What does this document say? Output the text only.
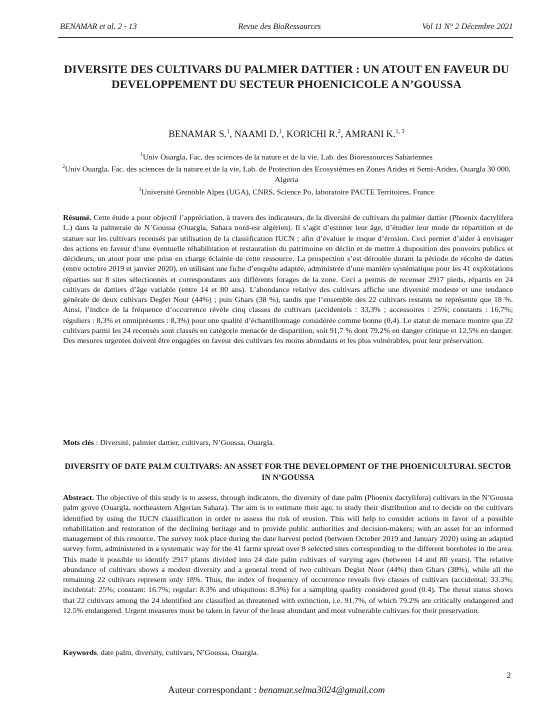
BENAMAR et al. 2 - 13	Revue des BioRessources	Vol 11 N° 2 Décembre 2021
DIVERSITE DES CULTIVARS DU PALMIER DATTIER : UN ATOUT EN FAVEUR DU DEVELOPPEMENT DU SECTEUR PHOENICICOLE A N’GOUSSA
BENAMAR S.$^1$, NAAMI D.$^1$, KORICHI R.$^2$, AMRANI K.$^{1, 3}$
$^1$Univ Ouargla, Fac. des sciences de la nature et de la vie, Lab. des Bioressources Sahariennes
$^2$Univ Ouargla, Fac. des sciences de la nature et de la vie, Lab. de Protection des Ecosystèmes en Zones Arides et Semi-Arides, Ouargla 30 000, Algeria
$^3$Université Grenoble Alpes (UGA), CNRS, Science Po, laboratoire PACTE Territoires, France
Résumé. Cette étude a pour objectif l’appréciation, à travers des indicateurs, de la diversité de cultivars du palmier dattier (Phoenix dactylifera L.) dans la palmeraie de N’Goussa (Ouargla, Sahara nord-est algérien). Il s’agit d’estimer leur âge, d’étudier leur mode de répartition et de statuer sur les cultivars recensés par utilisation de la classification IUCN ; afin d’évaluer le risque d’érosion. Ceci permet d’aider à envisager des actions en faveur d’une éventuelle réhabilitation et restauration du patrimoine en déclin et de mettre à disposition des pouvoirs publics et décideurs, un atout pour une prise en charge éclairée de cette ressource. La prospection s’est déroulée durant la période de récolte de dattes (entre octobre 2019 et janvier 2020), en utilisant une fiche d’enquête adaptée, administrée d’une manière systématique pour les 41 exploitations réparties sur 8 sites sélectionnés et correspondants aux différents forages de la zone. Ceci a permis de recenser 2917 pieds, répartis en 24 cultivars de dattiers d’âge variable (entre 14 et 80 ans). L’abondance relative des cultivars affiche une diversité modeste et une tendance générale de deux cultivars Deglet Nour (44%) ; puis Ghars (38 %), tandis que l’ensemble des 22 cultivars restants ne représente que 18 %. Ainsi, l’indice de la fréquence d’occurrence révèle cinq classes de cultivars (accidentels : 33,3% ; accessoires : 25%; constants : 16,7%; réguliers : 8,3% et omniprésents : 8,3%) pour une qualité d’échantillonnage considérée comme bonne (0,4). Le statut de menace montre que 22 cultivars parmi les 24 recensés sont classés en catégorie menacée de disparition, soit 91,7 % dont 79,2% en danger critique et 12,5% en danger. Des mesures urgentes doivent être engagées en faveur des cultivars les moins abondants et les plus vulnérables, pour leur préservation.
Mots clés : Diversité, palmier dattier, cultivars, N’Goussa, Ouargla.
DIVERSITY OF DATE PALM CULTIVARS: AN ASSET FOR THE DEVELOPMENT OF THE PHOENICULTURAL SECTOR IN N’GOUSSA
Abstract. The objective of this study is to assess, through indicators, the diversity of date palm (Phoenix dactylifera) cultivars in the N’Goussa palm grove (Ouargla, northeastern Algerian Sahara). The aim is to estimate their age, to study their distribution and to decide on the cultivars identified by using the IUCN classification in order to assess the risk of erosion. This will help to consider actions in favor of a possible rehabilitation and restoration of the declining heritage and to provide public authorities and decision-makers; with an asset for an informed management of this resource. The survey took place during the date harvest period (between October 2019 and January 2020) using an adapted survey form, administered in a systematic way for the 41 farms spread over 8 selected sites corresponding to the different boreholes in the area. This made it possible to identify 2917 plants divided into 24 date palm cultivars of varying ages (between 14 and 80 years). The relative abundance of cultivars shows a modest diversity and a general trend of two cultivars Deglet Noor (44%) then Ghars (38%), while all the remaining 22 cultivars represent only 18%. Thus, the index of frequency of occurrence reveals five classes of cultivars (accidental: 33.3%; incidental: 25%; constant: 16.7%; regular: 8.3% and ubiquitous: 8.3%) for a sampling quality considered good (0.4). The threat status shows that 22 cultivars among the 24 identified are classified as threatened with extinction, i.e. 91.7%, of which 79.2% are critically endangered and 12.5% endangered. Urgent measures must be taken in favor of the least abundant and most vulnerable cultivars for their preservation.
Keywords. date palm, diversity, cultivars, N’Goussa, Ouargla.
2
Auteur correspondant : benamar.selma3024@gmail.com
